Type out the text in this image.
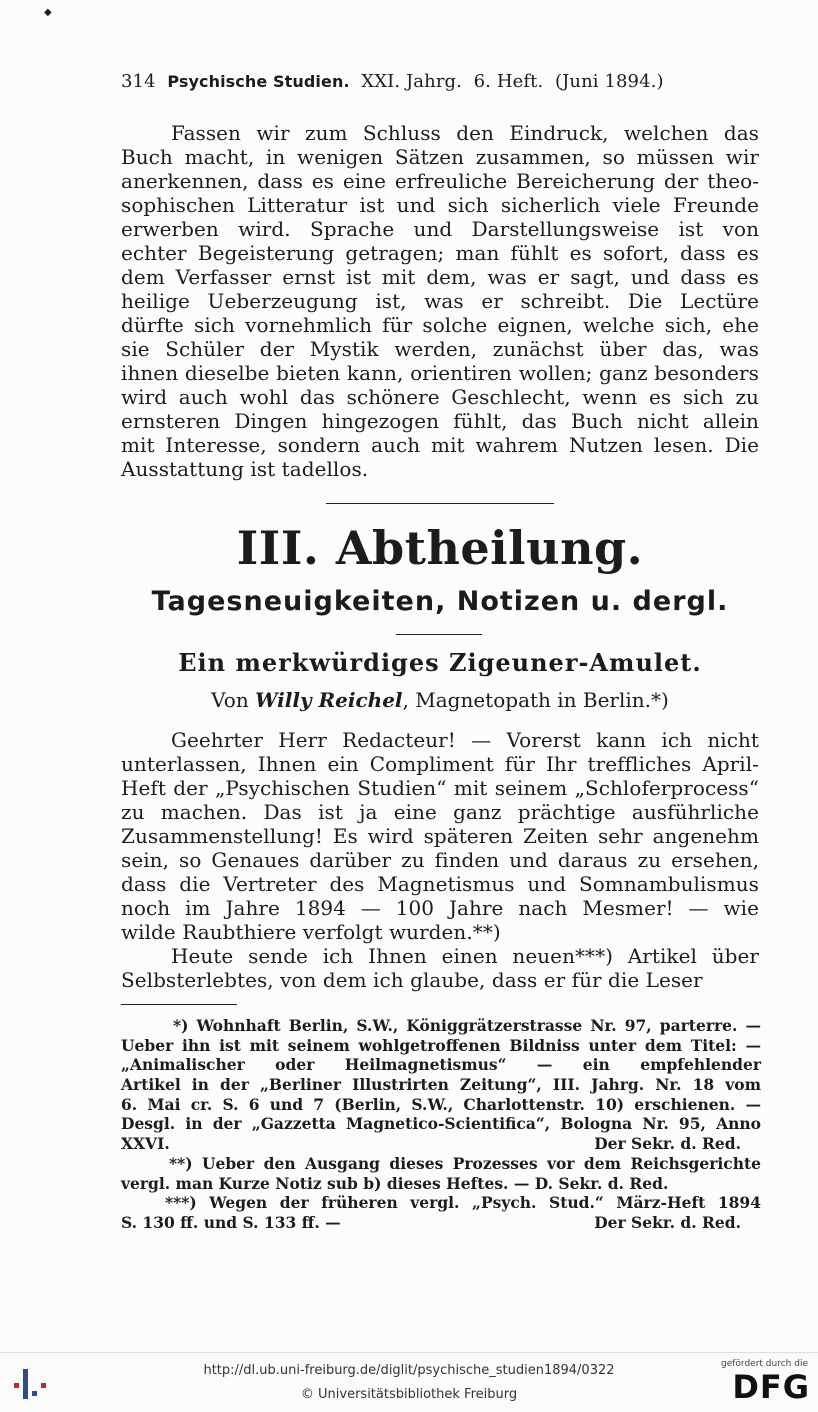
◆
314 Psychische Studien. XXI. Jahrg. 6. Heft. (Juni 1894.)
Fassen wir zum Schluss den Eindruck, welchen das
Buch macht, in wenigen Sätzen zusammen, so müssen wir
anerkennen, dass es eine erfreuliche Bereicherung der theo-
sophischen Litteratur ist und sich sicherlich viele Freunde
erwerben wird. Sprache und Darstellungsweise ist von
echter Begeisterung getragen; man fühlt es sofort, dass es
dem Verfasser ernst ist mit dem, was er sagt, und dass es
heilige Ueberzeugung ist, was er schreibt. Die Lectüre
dürfte sich vornehmlich für solche eignen, welche sich, ehe
sie Schüler der Mystik werden, zunächst über das, was
ihnen dieselbe bieten kann, orientiren wollen; ganz besonders
wird auch wohl das schönere Geschlecht, wenn es sich zu
ernsteren Dingen hingezogen fühlt, das Buch nicht allein
mit Interesse, sondern auch mit wahrem Nutzen lesen. Die
Ausstattung ist tadellos.
III. Abtheilung.
Tagesneuigkeiten, Notizen u. dergl.
Ein merkwürdiges Zigeuner-Amulet.
Von Willy Reichel, Magnetopath in Berlin.*)
Geehrter Herr Redacteur! — Vorerst kann ich nicht
unterlassen, Ihnen ein Compliment für Ihr treffliches April-
Heft der „Psychischen Studien“ mit seinem „Schloferprocess“
zu machen. Das ist ja eine ganz prächtige ausführliche
Zusammenstellung! Es wird späteren Zeiten sehr angenehm
sein, so Genaues darüber zu finden und daraus zu ersehen,
dass die Vertreter des Magnetismus und Somnambulismus
noch im Jahre 1894 — 100 Jahre nach Mesmer! — wie
wilde Raubthiere verfolgt wurden.**)
Heute sende ich Ihnen einen neuen***) Artikel über
Selbsterlebtes, von dem ich glaube, dass er für die Leser
*) Wohnhaft Berlin, S.W., Königgrätzerstrasse Nr. 97, parterre. —
Ueber ihn ist mit seinem wohlgetroffenen Bildniss unter dem Titel: —
„Animalischer oder Heilmagnetismus“ — ein empfehlender
Artikel in der „Berliner Illustrirten Zeitung“, III. Jahrg. Nr. 18 vom
6. Mai cr. S. 6 und 7 (Berlin, S.W., Charlottenstr. 10) erschienen. —
Desgl. in der „Gazzetta Magnetico-Scientifica“, Bologna Nr. 95, Anno
XXVI.	Der Sekr. d. Red.
**) Ueber den Ausgang dieses Prozesses vor dem Reichsgerichte
vergl. man Kurze Notiz sub b) dieses Heftes. — D. Sekr. d. Red.
***) Wegen der früheren vergl. „Psych. Stud.“ März-Heft 1894
S. 130 ff. und S. 133 ff. —	Der Sekr. d. Red.
http://dl.ub.uni-freiburg.de/diglit/psychische_studien1894/0322
© Universitätsbibliothek Freiburg
gefördert durch die
DFG
